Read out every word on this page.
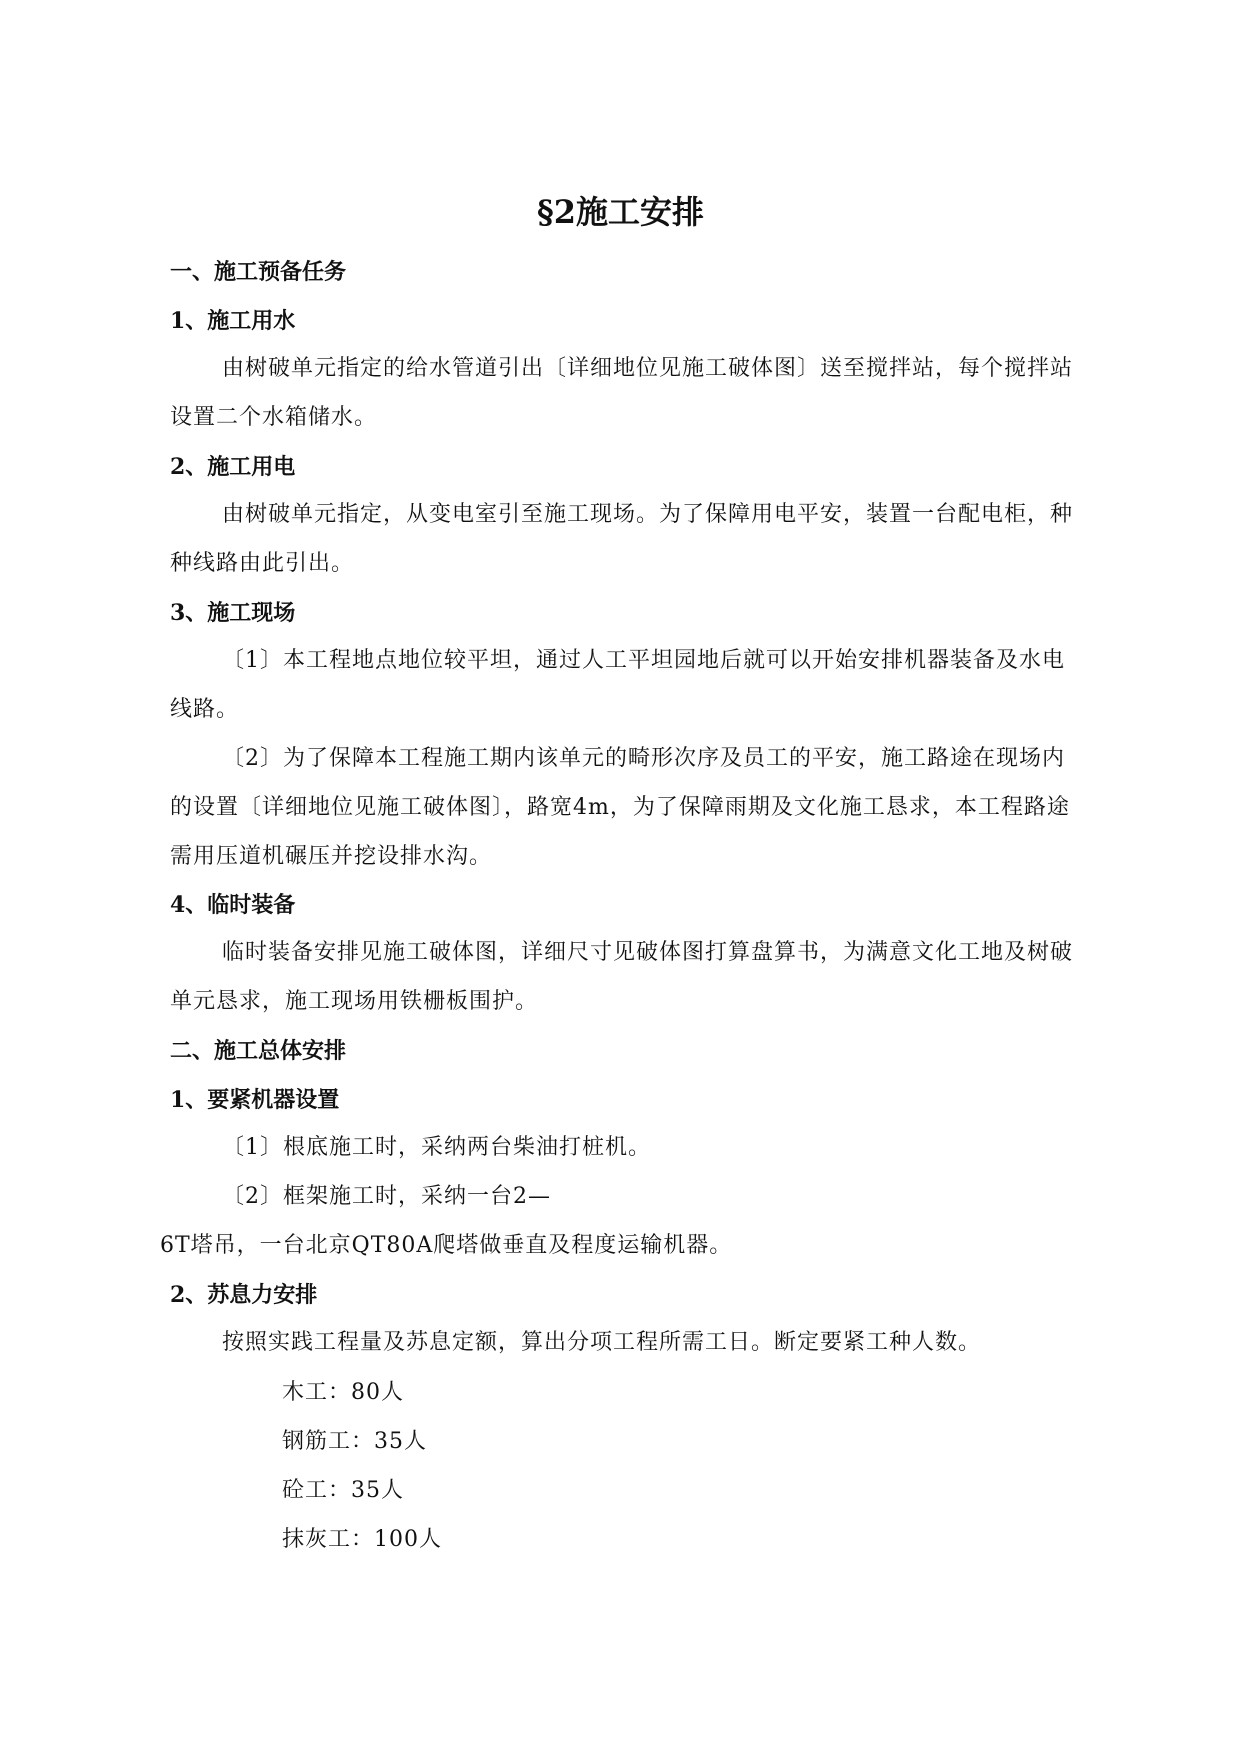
§2施工安排
一、施工预备任务
1、施工用水

由树破单元指定的给水管道引出〔详细地位见施工破体图〕送至搅拌站，每个搅拌站设置二个水箱储水。

2、施工用电

由树破单元指定，从变电室引至施工现场。为了保障用电平安，装置一台配电柜，种种线路由此引出。

3、施工现场

〔1〕本工程地点地位较平坦，通过人工平坦园地后就可以开始安排机器装备及水电线路。

〔2〕为了保障本工程施工期内该单元的畸形次序及员工的平安，施工路途在现场内的设置〔详细地位见施工破体图〕，路宽4m，为了保障雨期及文化施工恳求，本工程路途需用压道机碾压并挖设排水沟。

4、临时装备

临时装备安排见施工破体图，详细尺寸见破体图打算盘算书，为满意文化工地及树破单元恳求，施工现场用铁栅板围护。

二、施工总体安排
1、要紧机器设置

〔1〕根底施工时，采纳两台柴油打桩机。

〔2〕框架施工时，采纳一台2—

6T塔吊，一台北京QT80A爬塔做垂直及程度运输机器。

2、苏息力安排

按照实践工程量及苏息定额，算出分项工程所需工日。断定要紧工种人数。

木工：80人

钢筋工：35人

砼工：35人

抹灰工：100人
